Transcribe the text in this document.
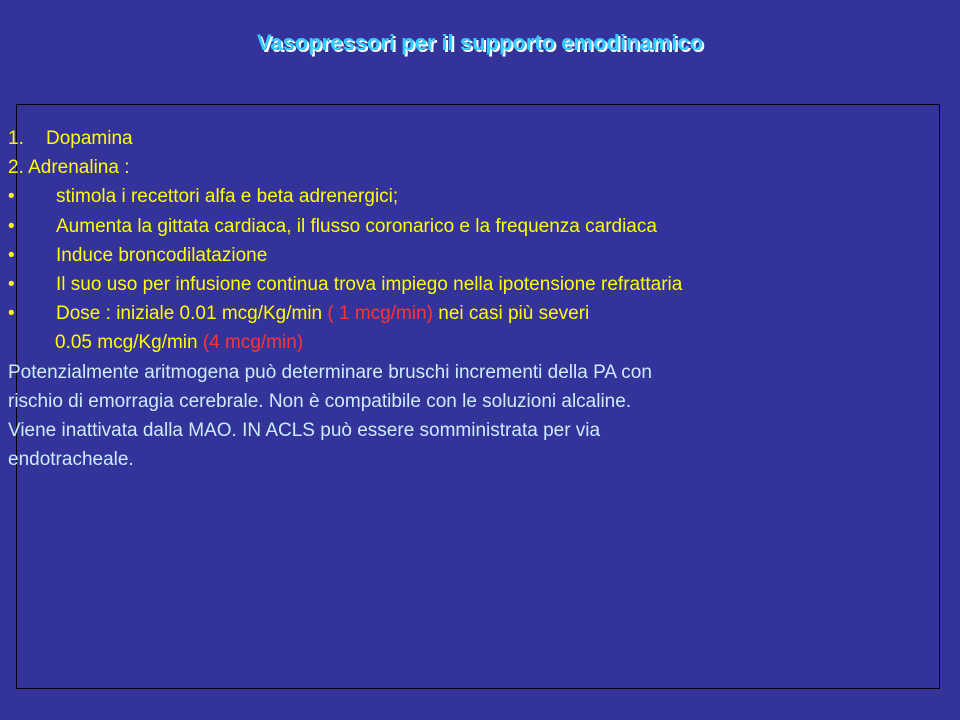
Vasopressori per il supporto emodinamico
1. Dopamina
2. Adrenalina :
• stimola i recettori alfa e beta adrenergici;
• Aumenta la gittata cardiaca, il flusso coronarico e la frequenza cardiaca
• Induce broncodilatazione
• Il suo uso per infusione continua trova impiego nella ipotensione refrattaria
• Dose : iniziale 0.01 mcg/Kg/min ( 1 mcg/min) nei casi più severi
0.05 mcg/Kg/min (4 mcg/min)
Potenzialmente aritmogena può determinare bruschi incrementi della PA con
rischio di emorragia cerebrale. Non è compatibile con le soluzioni alcaline.
Viene inattivata dalla MAO. IN ACLS può essere somministrata per via
endotracheale.
